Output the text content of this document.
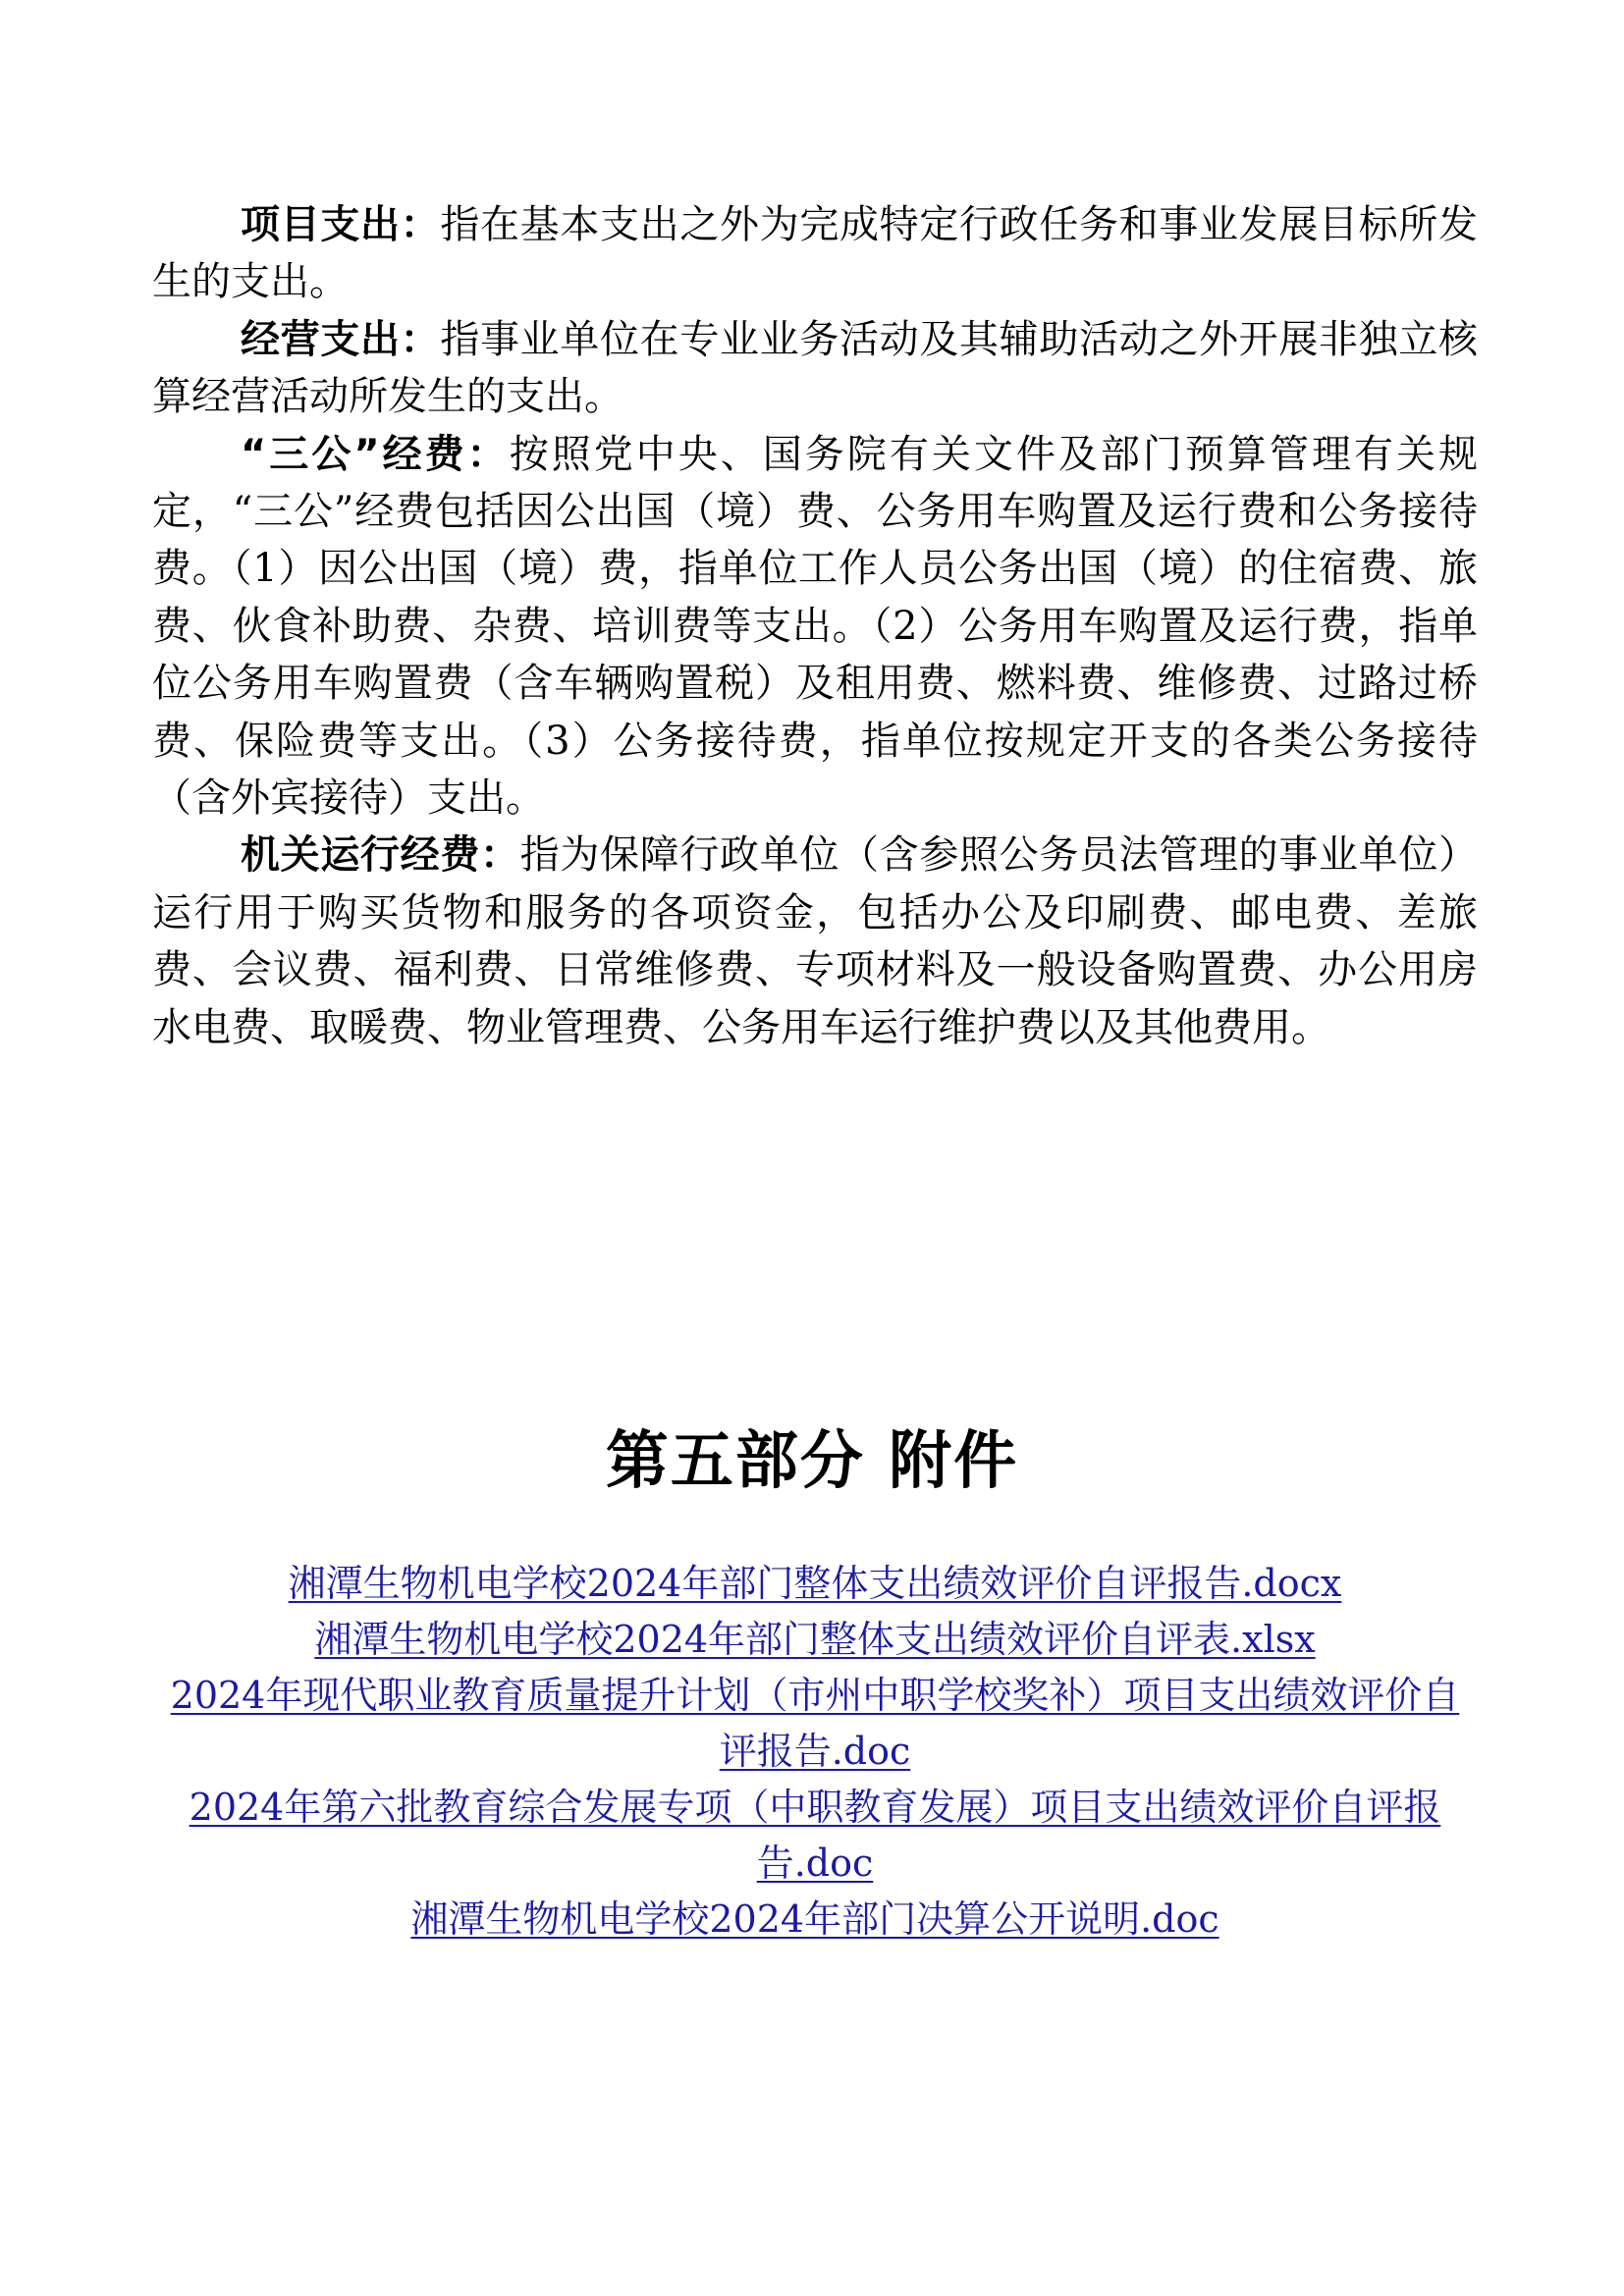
项目支出：指在基本支出之外为完成特定行政任务和事业发展目标所发生的支出。

经营支出：指事业单位在专业业务活动及其辅助活动之外开展非独立核算经营活动所发生的支出。

“三公”经费：按照党中央、国务院有关文件及部门预算管理有关规定，“三公”经费包括因公出国（境）费、公务用车购置及运行费和公务接待费。（1）因公出国（境）费，指单位工作人员公务出国（境）的住宿费、旅费、伙食补助费、杂费、培训费等支出。（2）公务用车购置及运行费，指单位公务用车购置费（含车辆购置税）及租用费、燃料费、维修费、过路过桥费、保险费等支出。（3）公务接待费，指单位按规定开支的各类公务接待（含外宾接待）支出。

机关运行经费：指为保障行政单位（含参照公务员法管理的事业单位）运行用于购买货物和服务的各项资金，包括办公及印刷费、邮电费、差旅费、会议费、福利费、日常维修费、专项材料及一般设备购置费、办公用房水电费、取暖费、物业管理费、公务用车运行维护费以及其他费用。

第五部分 附件
湘潭生物机电学校2024年部门整体支出绩效评价自评报告.docx
湘潭生物机电学校2024年部门整体支出绩效评价自评表.xlsx
2024年现代职业教育质量提升计划（市州中职学校奖补）项目支出绩效评价自评报告.doc
2024年第六批教育综合发展专项（中职教育发展）项目支出绩效评价自评报告.doc
湘潭生物机电学校2024年部门决算公开说明.doc
